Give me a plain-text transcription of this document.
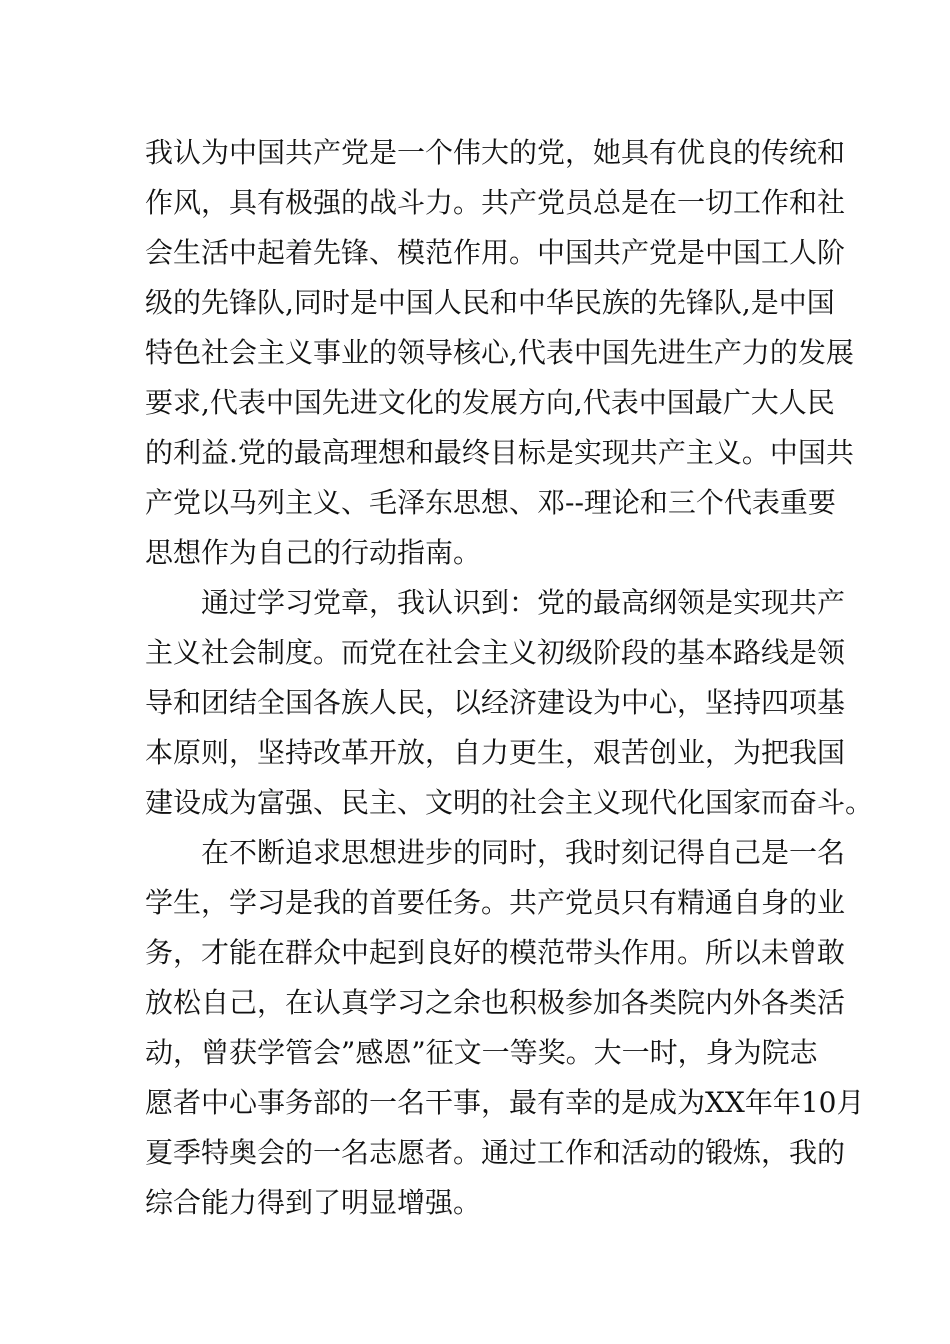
我认为中国共产党是一个伟大的党，她具有优良的传统和
作风，具有极强的战斗力。共产党员总是在一切工作和社
会生活中起着先锋、模范作用。中国共产党是中国工人阶
级的先锋队,同时是中国人民和中华民族的先锋队,是中国
特色社会主义事业的领导核心,代表中国先进生产力的发展
要求,代表中国先进文化的发展方向,代表中国最广大人民
的利益.党的最高理想和最终目标是实现共产主义。中国共
产党以马列主义、毛泽东思想、邓--理论和三个代表重要
思想作为自己的行动指南。
通过学习党章，我认识到：党的最高纲领是实现共产
主义社会制度。而党在社会主义初级阶段的基本路线是领
导和团结全国各族人民，以经济建设为中心，坚持四项基
本原则，坚持改革开放，自力更生，艰苦创业，为把我国
建设成为富强、民主、文明的社会主义现代化国家而奋斗。
在不断追求思想进步的同时，我时刻记得自己是一名
学生，学习是我的首要任务。共产党员只有精通自身的业
务，才能在群众中起到良好的模范带头作用。所以未曾敢
放松自己，在认真学习之余也积极参加各类院内外各类活
动，曾获学管会”感恩”征文一等奖。大一时，身为院志
愿者中心事务部的一名干事，最有幸的是成为XX年年10月
夏季特奥会的一名志愿者。通过工作和活动的锻炼，我的
综合能力得到了明显增强。
